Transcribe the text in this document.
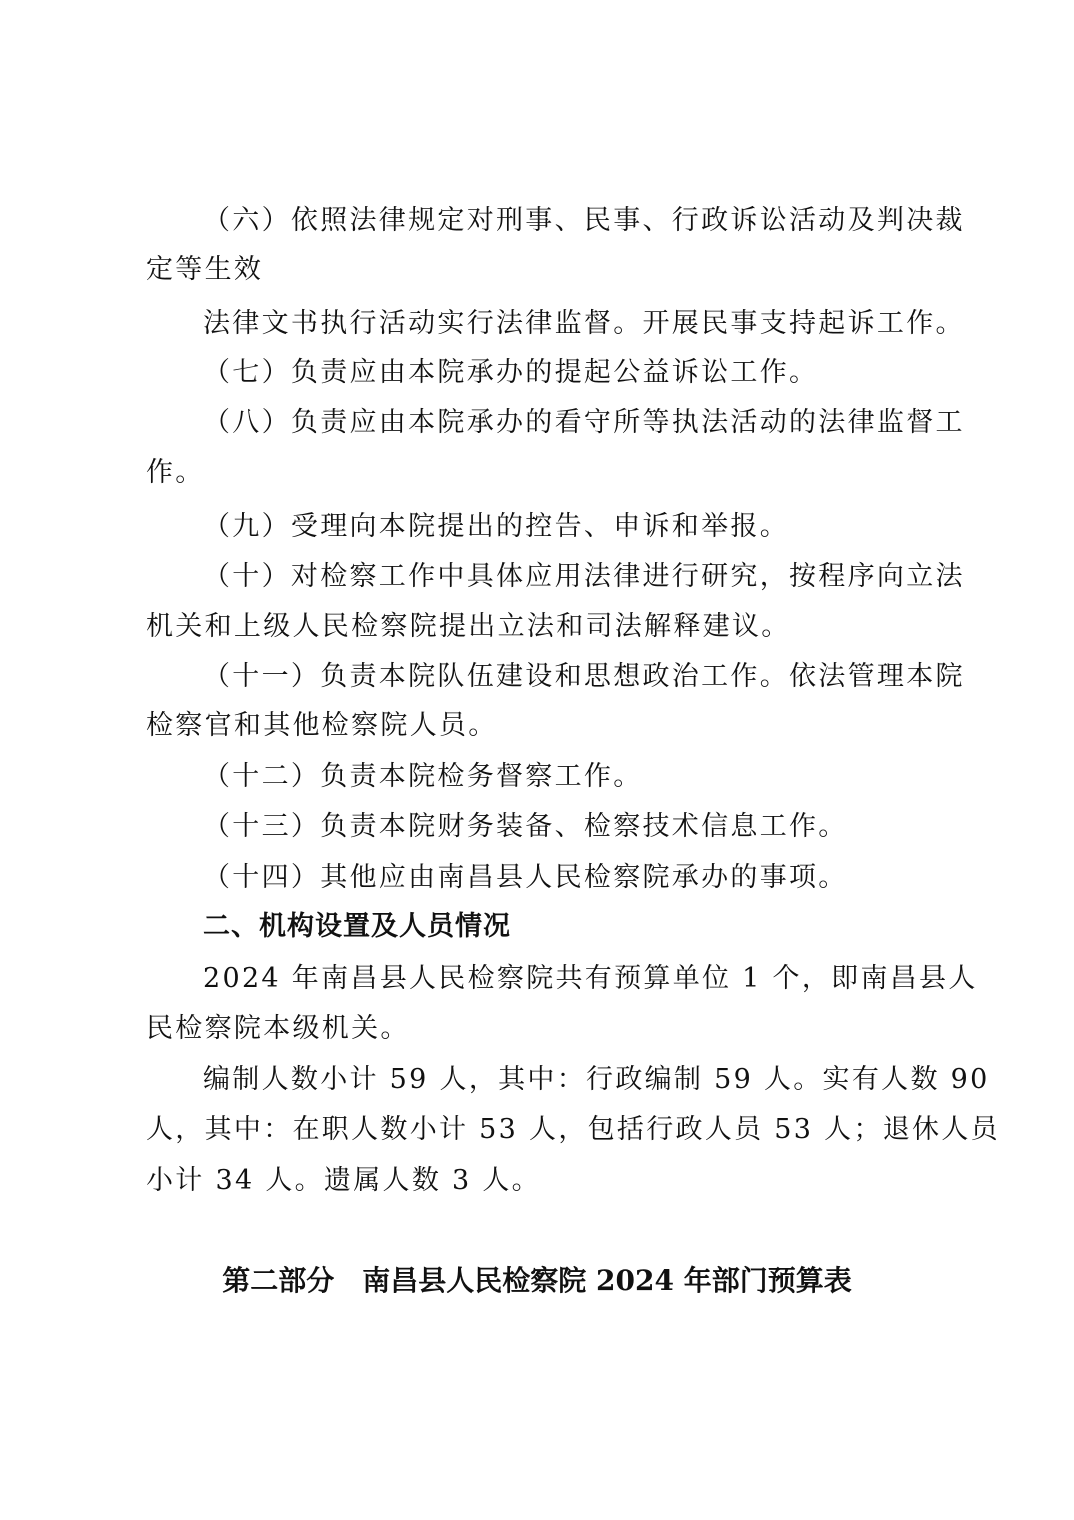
（六）依照法律规定对刑事、民事、行政诉讼活动及判决裁
定等生效
法律文书执行活动实行法律监督。开展民事支持起诉工作。
（七）负责应由本院承办的提起公益诉讼工作。
（八）负责应由本院承办的看守所等执法活动的法律监督工
作。
（九）受理向本院提出的控告、申诉和举报。
（十）对检察工作中具体应用法律进行研究，按程序向立法
机关和上级人民检察院提出立法和司法解释建议。
（十一）负责本院队伍建设和思想政治工作。依法管理本院
检察官和其他检察院人员。
（十二）负责本院检务督察工作。
（十三）负责本院财务装备、检察技术信息工作。
（十四）其他应由南昌县人民检察院承办的事项。
二、机构设置及人员情况
2024 年南昌县人民检察院共有预算单位 1 个，即南昌县人
民检察院本级机关。
编制人数小计 59 人，其中：行政编制 59 人。实有人数 90
人，其中：在职人数小计 53 人，包括行政人员 53 人；退休人员
小计 34 人。遗属人数 3 人。
第二部分　南昌县人民检察院 2024 年部门预算表
